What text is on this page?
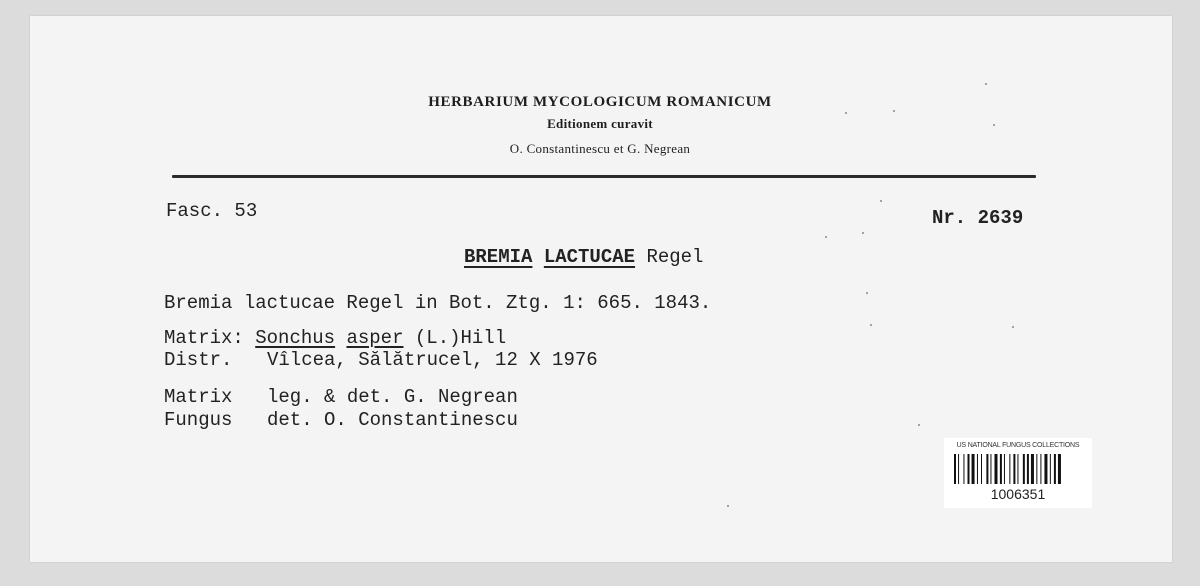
HERBARIUM MYCOLOGICUM ROMANICUM
Editionem curavit
O. Constantinescu et G. Negrean
Fasc. 53	Nr. 2639
BREMIA LACTUCAE Regel
Bremia lactucae Regel in Bot. Ztg. 1: 665. 1843.
Matrix: Sonchus asper (L.)Hill
Distr. Vîlcea, Sălătrucel, 12 X 1976
Matrix leg. & det. G. Negrean
Fungus det. O. Constantinescu
US NATIONAL FUNGUS COLLECTIONS
1006351
